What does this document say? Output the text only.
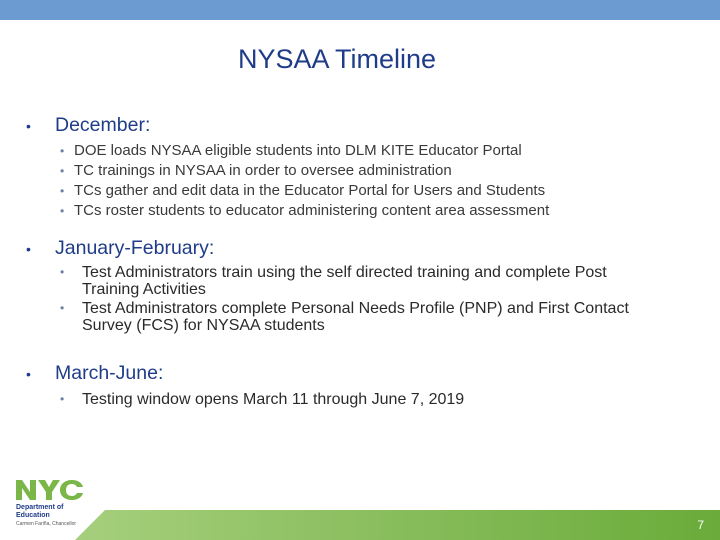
NYSAA Timeline
•	December:
• DOE loads NYSAA eligible students into DLM KITE Educator Portal
• TC trainings in NYSAA in order to oversee administration
• TCs gather and edit data in the Educator Portal for Users and Students
• TCs roster students to educator administering content area assessment
•	January-February:
•	Test Administrators train using the self directed training and complete Post Training Activities
•	Test Administrators complete Personal Needs Profile (PNP) and First Contact Survey (FCS) for NYSAA students
•	March-June:
•	Testing window opens March 11 through June 7, 2019
Department of
Education
Carmen Fariña, Chancellor	7
